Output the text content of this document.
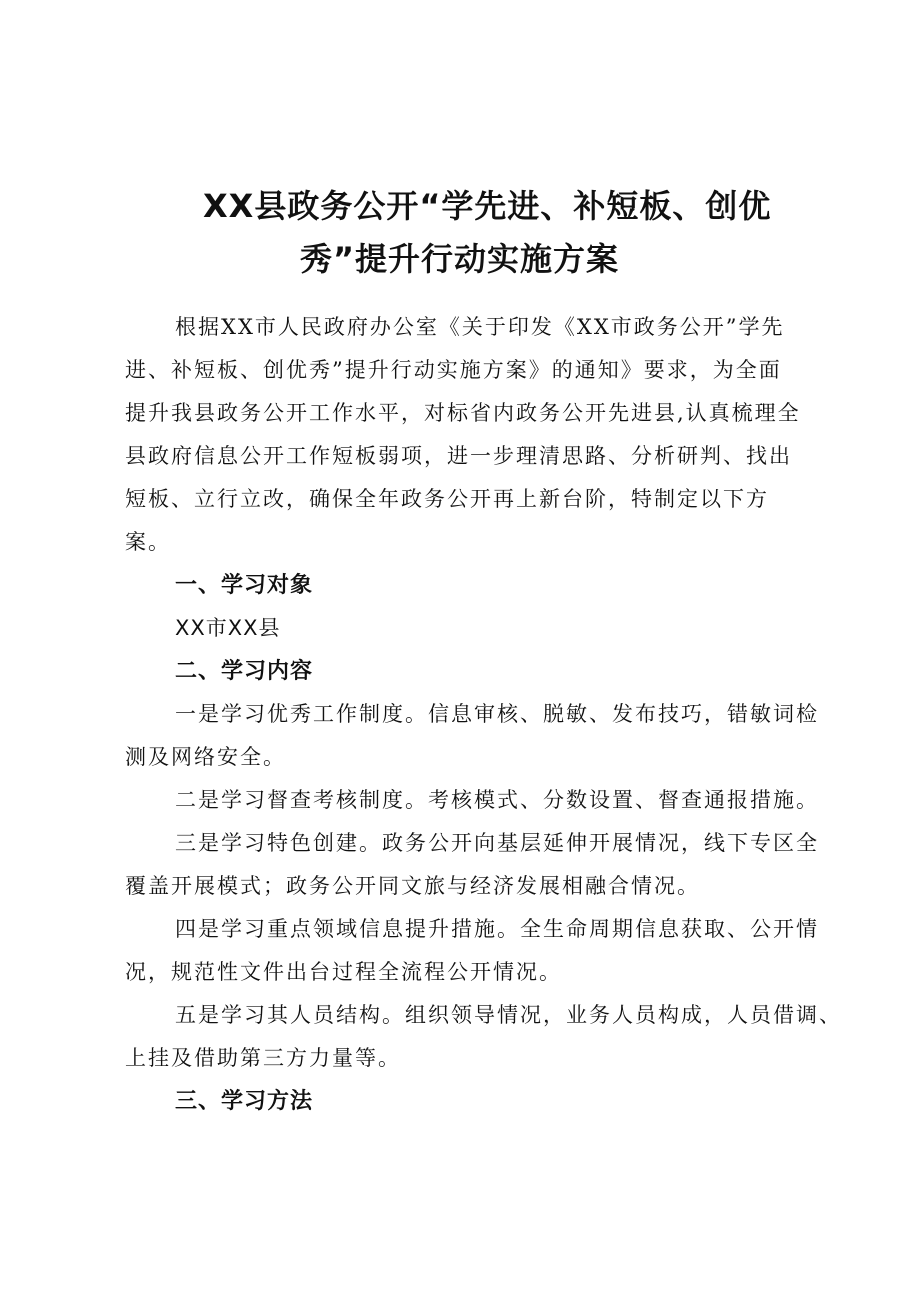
XX县政务公开“学先进、补短板、创优
秀”提升行动实施方案
根据XX市人民政府办公室《关于印发《XX市政务公开”学先
进、补短板、创优秀”提升行动实施方案》的通知》要求，为全面
提升我县政务公开工作水平，对标省内政务公开先进县,认真梳理全
县政府信息公开工作短板弱项，进一步理清思路、分析研判、找出
短板、立行立改，确保全年政务公开再上新台阶，特制定以下方
案。
一、学习对象
XX市XX县
二、学习内容
一是学习优秀工作制度。信息审核、脱敏、发布技巧，错敏词检
测及网络安全。
二是学习督查考核制度。考核模式、分数设置、督查通报措施。
三是学习特色创建。政务公开向基层延伸开展情况，线下专区全
覆盖开展模式；政务公开同文旅与经济发展相融合情况。
四是学习重点领域信息提升措施。全生命周期信息获取、公开情
况，规范性文件出台过程全流程公开情况。
五是学习其人员结构。组织领导情况，业务人员构成，人员借调、
上挂及借助第三方力量等。
三、学习方法
